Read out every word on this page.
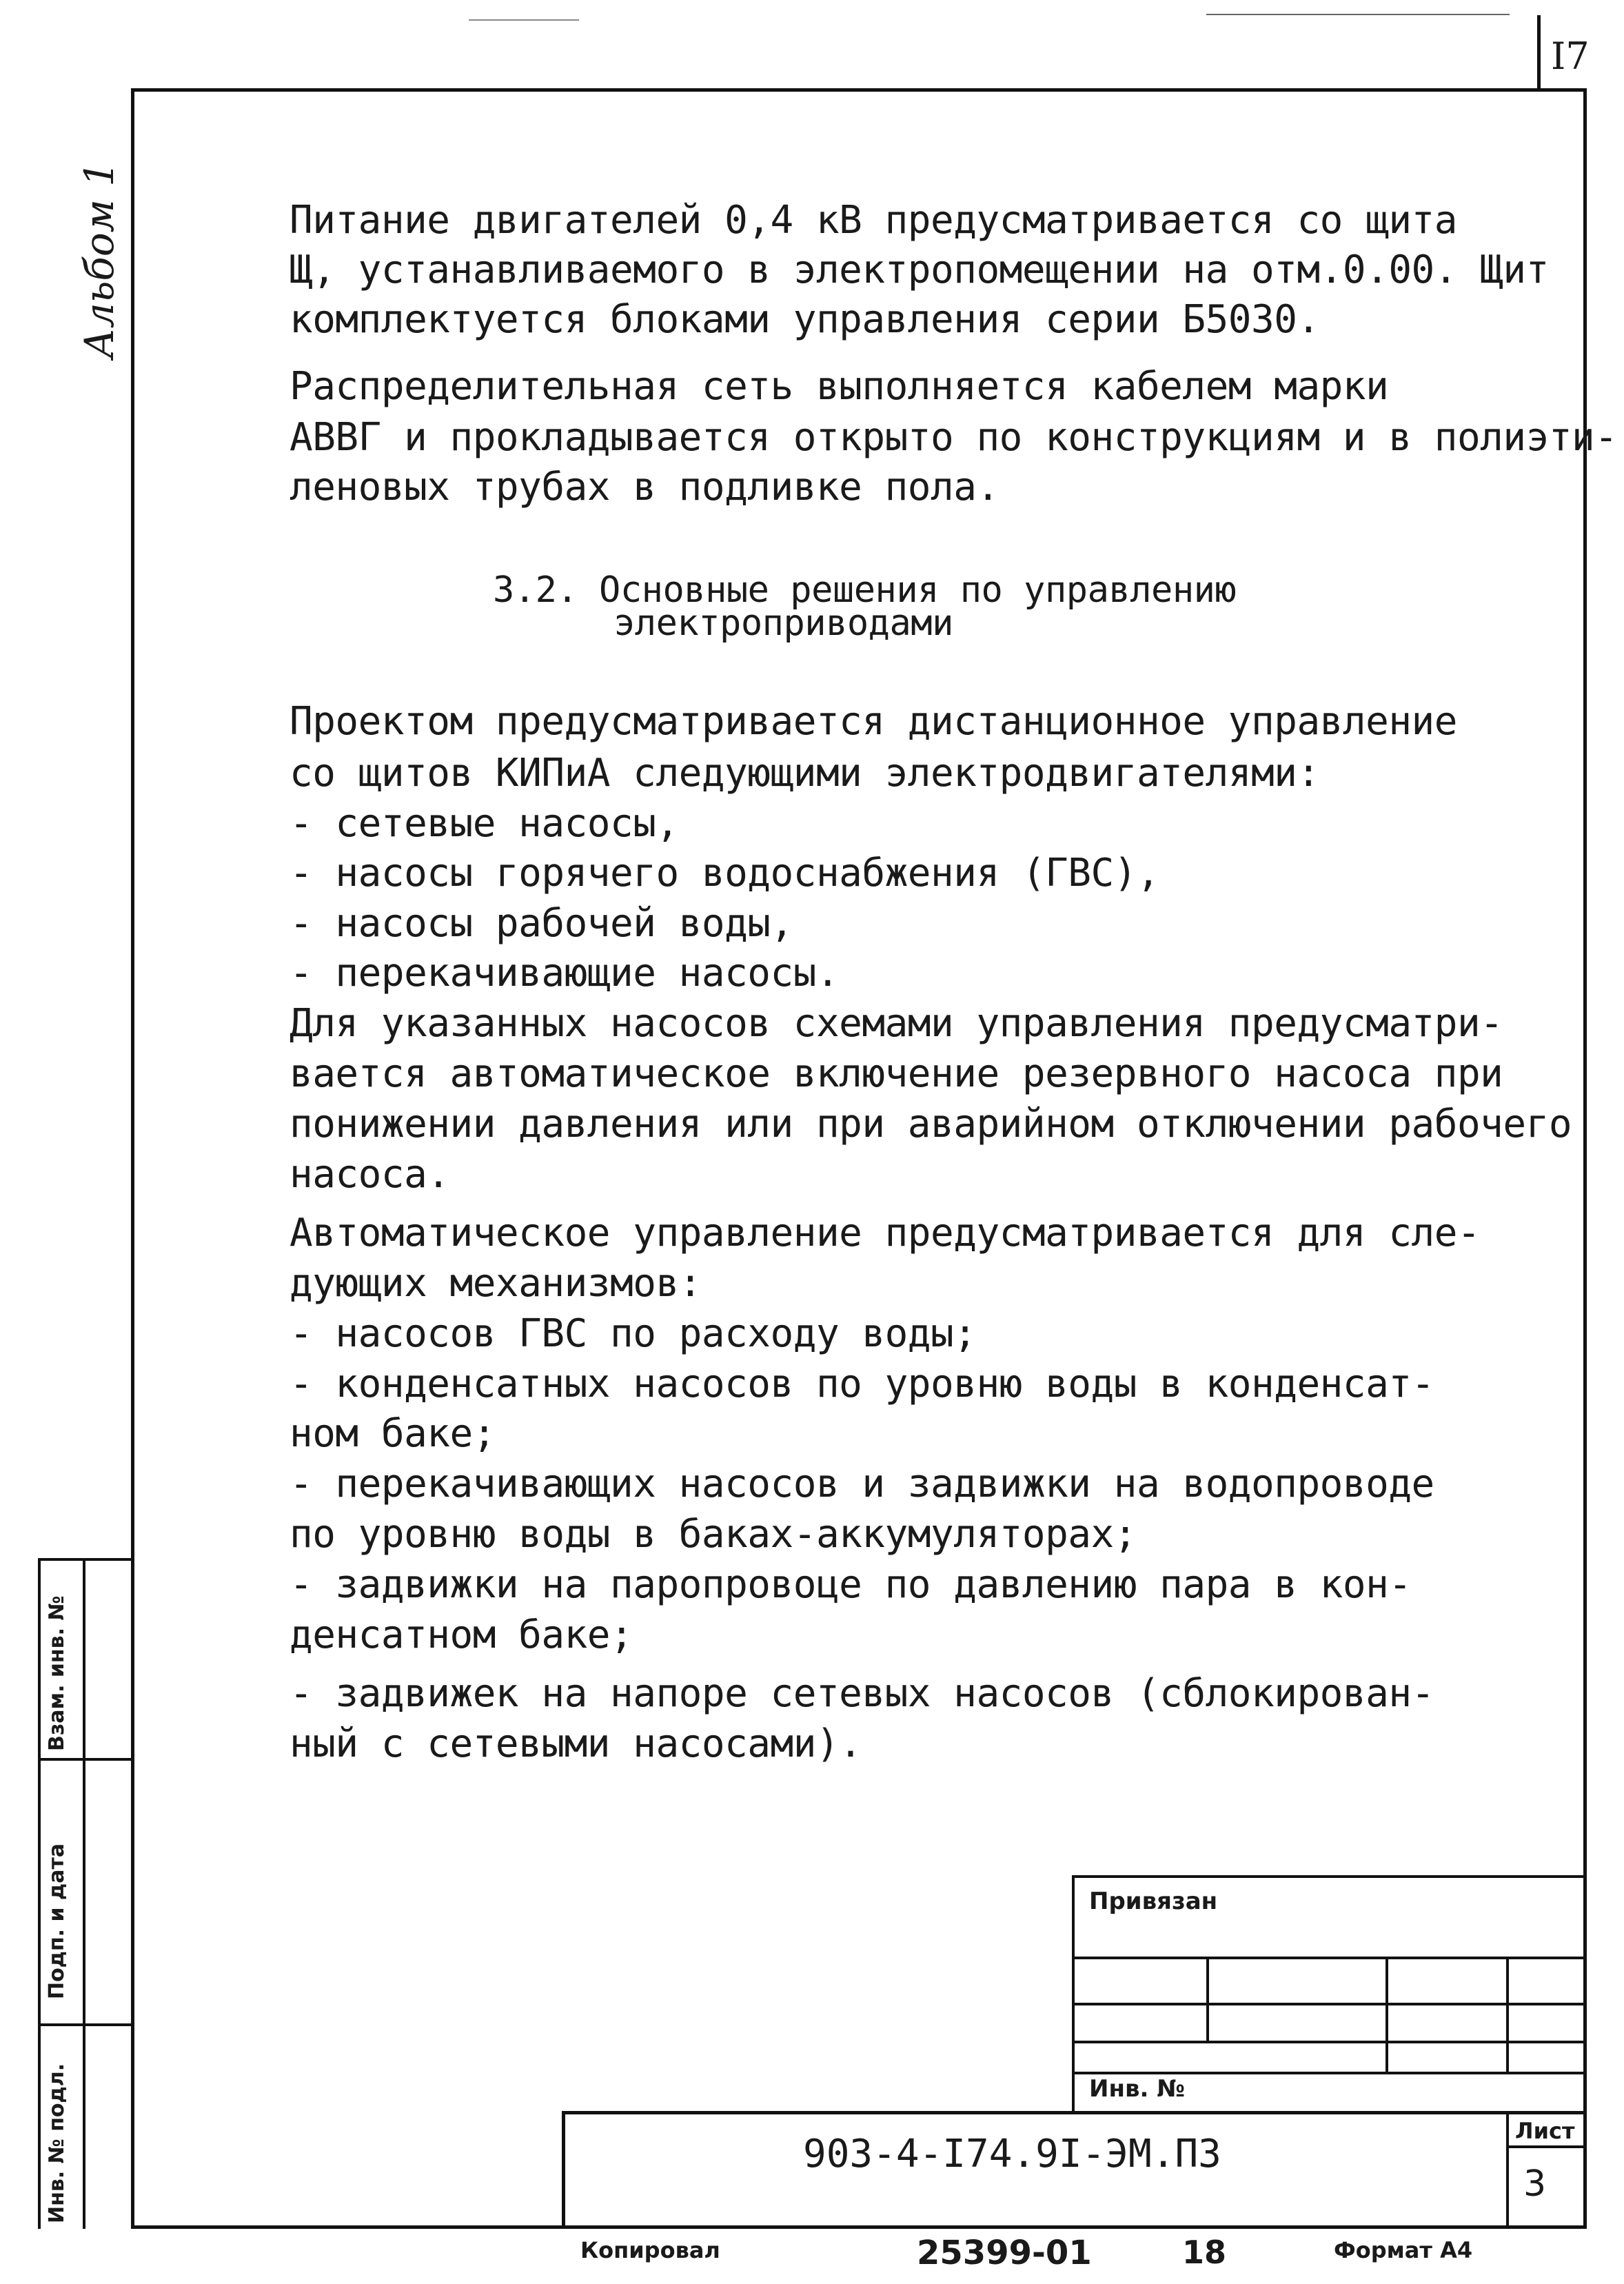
I7
Альбом 1
Взам. инв. №
Подп. и дата
Инв. № подл.
Питание двигателей 0,4 кВ предусматривается со щита
Щ, устанавливаемого в электропомещении на отм.0.00. Щит
комплектуется блоками управления серии Б5030.
Распределительная сеть выполняется кабелем марки
АВВГ и прокладывается открыто по конструкциям и в полиэти-
леновых трубах в подливке пола.
3.2. Основные решения по управлению
электроприводами
Проектом предусматривается дистанционное управление
со щитов КИПиА следующими электродвигателями:
- сетевые насосы,
- насосы горячего водоснабжения (ГВС),
- насосы рабочей воды,
- перекачивающие насосы.
Для указанных насосов схемами управления предусматри-
вается автоматическое включение резервного насоса при
понижении давления или при аварийном отключении рабочего
насоса.
Автоматическое управление предусматривается для сле-
дующих механизмов:
- насосов ГВС по расходу воды;
- конденсатных насосов по уровню воды в конденсат-
ном баке;
- перекачивающих насосов и задвижки на водопроводе
по уровню воды в баках-аккумуляторах;
- задвижки на паропровоце по давлению пара в кон-
денсатном баке;
- задвижек на напоре сетевых насосов (сблокирован-
ный с сетевыми насосами).
Привязан
Инв. №
903-4-I74.9I-ЭМ.ПЗ
Лист
3
Копировал	25399-01	18	Формат А4
